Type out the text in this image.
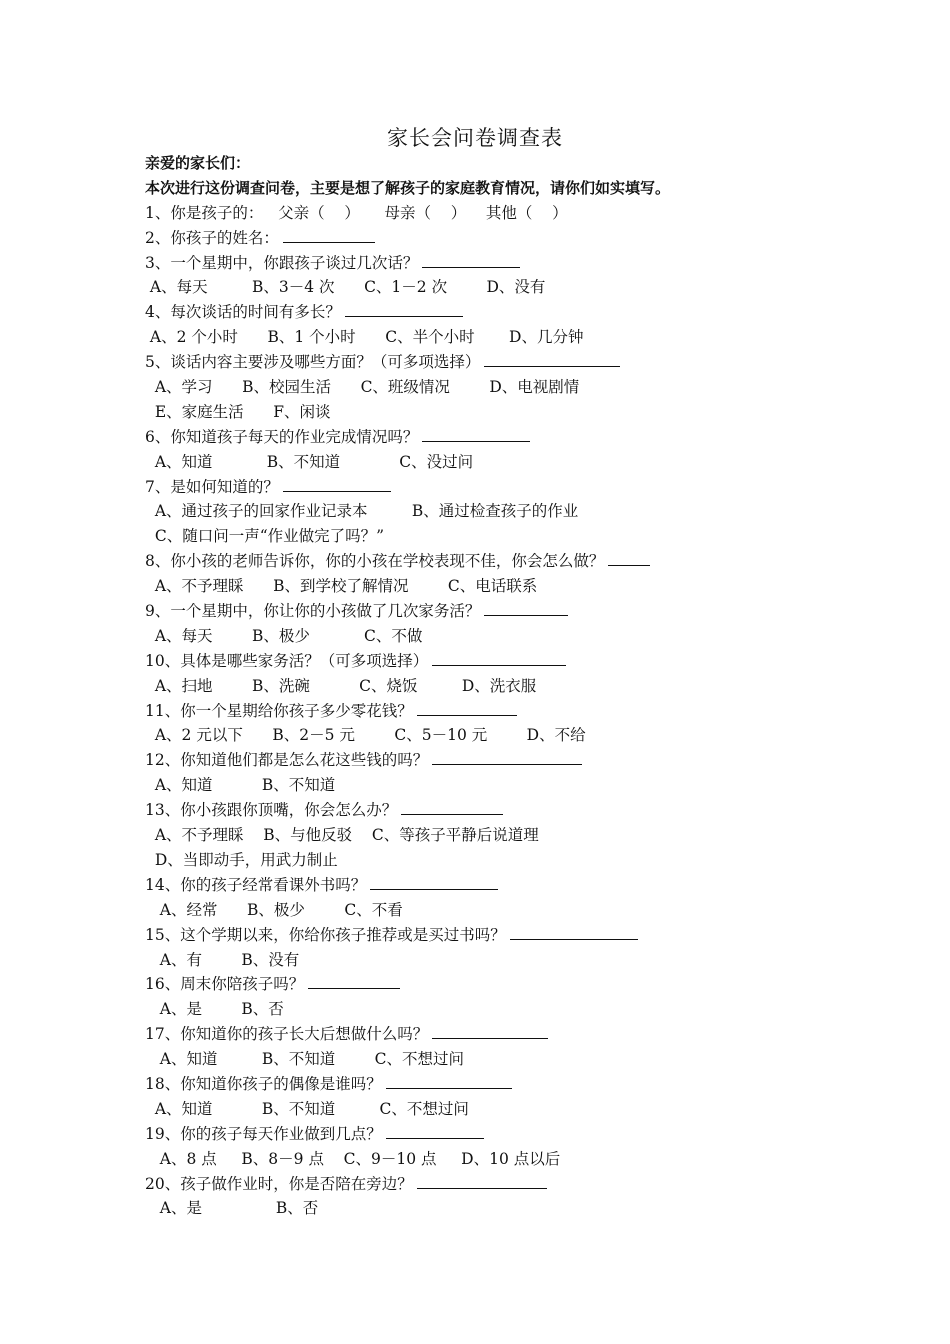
家长会问卷调查表
亲爱的家长们：
本次进行这份调查问卷，主要是想了解孩子的家庭教育情况，请你们如实填写。
1、你是孩子的：   父亲（    ）     母亲（    ）    其他（    ）
2、你孩子的姓名：
3、一个星期中，你跟孩子谈过几次话？
A、每天         B、3－4 次      C、1－2 次        D、没有
4、每次谈话的时间有多长？
A、2 个小时      B、1 个小时      C、半个小时       D、几分钟
5、谈话内容主要涉及哪些方面？（可多项选择）
A、学习      B、校园生活      C、班级情况        D、电视剧情
E、家庭生活      F、闲谈
6、你知道孩子每天的作业完成情况吗？
A、知道           B、不知道            C、没过问
7、是如何知道的？
A、通过孩子的回家作业记录本         B、通过检查孩子的作业
C、随口问一声“作业做完了吗？”
8、你小孩的老师告诉你，你的小孩在学校表现不佳，你会怎么做？
A、不予理睬      B、到学校了解情况        C、电话联系
9、一个星期中，你让你的小孩做了几次家务活？
A、每天        B、极少           C、不做
10、具体是哪些家务活？（可多项选择）
A、扫地        B、洗碗          C、烧饭         D、洗衣服
11、你一个星期给你孩子多少零花钱？
A、2 元以下      B、2－5 元        C、5－10 元        D、不给
12、你知道他们都是怎么花这些钱的吗？
A、知道          B、不知道
13、你小孩跟你顶嘴，你会怎么办？
A、不予理睬    B、与他反驳    C、等孩子平静后说道理
D、当即动手，用武力制止
14、你的孩子经常看课外书吗？
A、经常      B、极少        C、不看
15、这个学期以来，你给你孩子推荐或是买过书吗？
A、有        B、没有
16、周末你陪孩子吗？
A、是        B、否
17、你知道你的孩子长大后想做什么吗？
A、知道         B、不知道        C、不想过问
18、你知道你孩子的偶像是谁吗？
A、知道          B、不知道         C、不想过问
19、你的孩子每天作业做到几点？
A、8 点     B、8－9 点    C、9－10 点     D、10 点以后
20、孩子做作业时，你是否陪在旁边？
A、是               B、否
